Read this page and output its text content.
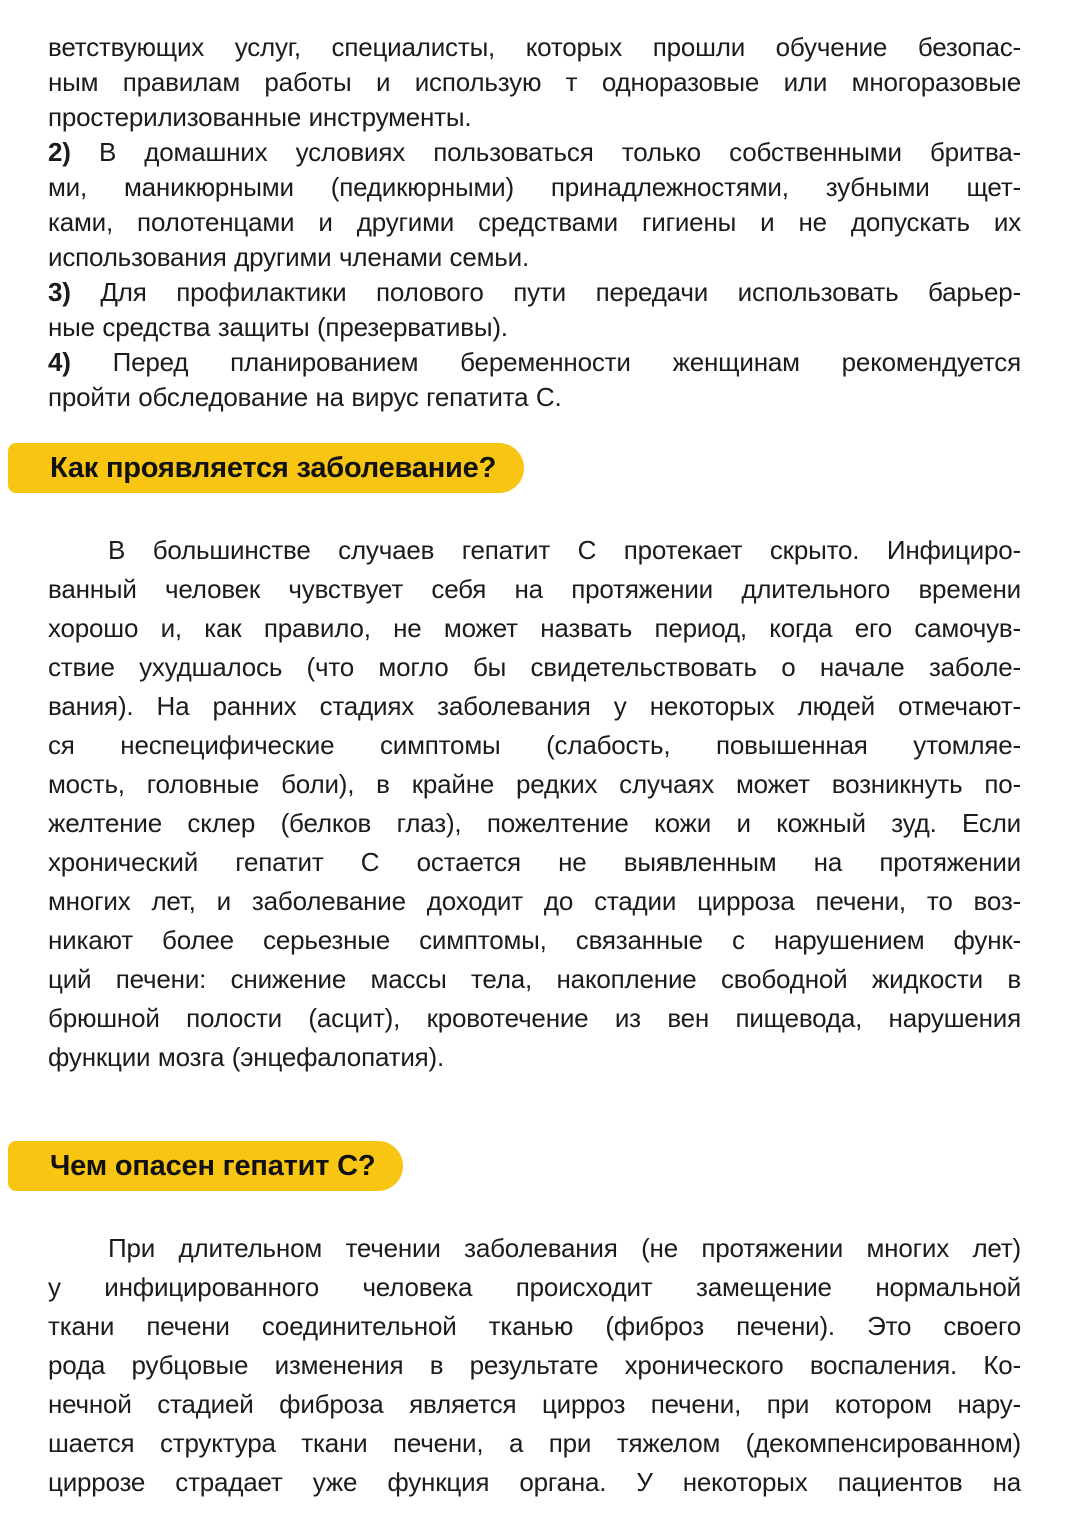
ветствующих услуг, специалисты, которых прошли обучение безопас-
ным правилам работы и использую т одноразовые или многоразовые
простерилизованные инструменты.

2) В домашних условиях пользоваться только собственными бритва-
ми, маникюрными (педикюрными) принадлежностями, зубными щет-
ками, полотенцами и другими средствами гигиены и не допускать их
использования другими членами семьи.

3) Для профилактики полового пути передачи использовать барьер-
ные средства защиты (презервативы).

4) Перед планированием беременности женщинам рекомендуется
пройти обследование на вирус гепатита С.

Как проявляется заболевание?

В большинстве случаев гепатит С протекает скрыто. Инфициро-
ванный человек чувствует себя на протяжении длительного времени
хорошо и, как правило, не может назвать период, когда его самочув-
ствие ухудшалось (что могло бы свидетельствовать о начале заболе-
вания). На ранних стадиях заболевания у некоторых людей отмечают-
ся неспецифические симптомы (слабость, повышенная утомляе-
мость, головные боли), в крайне редких случаях может возникнуть по-
желтение склер (белков глаз), пожелтение кожи и кожный зуд. Если
хронический гепатит С остается не выявленным на протяжении
многих лет, и заболевание доходит до стадии цирроза печени, то воз-
никают более серьезные симптомы, связанные с нарушением функ-
ций печени: снижение массы тела, накопление свободной жидкости в
брюшной полости (асцит), кровотечение из вен пищевода, нарушения
функции мозга (энцефалопатия).

Чем опасен гепатит С?

При длительном течении заболевания (не протяжении многих лет)
у инфицированного человека происходит замещение нормальной
ткани печени соединительной тканью (фиброз печени). Это своего
рода рубцовые изменения в результате хронического воспаления. Ко-
нечной стадией фиброза является цирроз печени, при котором нару-
шается структура ткани печени, а при тяжелом (декомпенсированном)
циррозе страдает уже функция органа. У некоторых пациентов на
